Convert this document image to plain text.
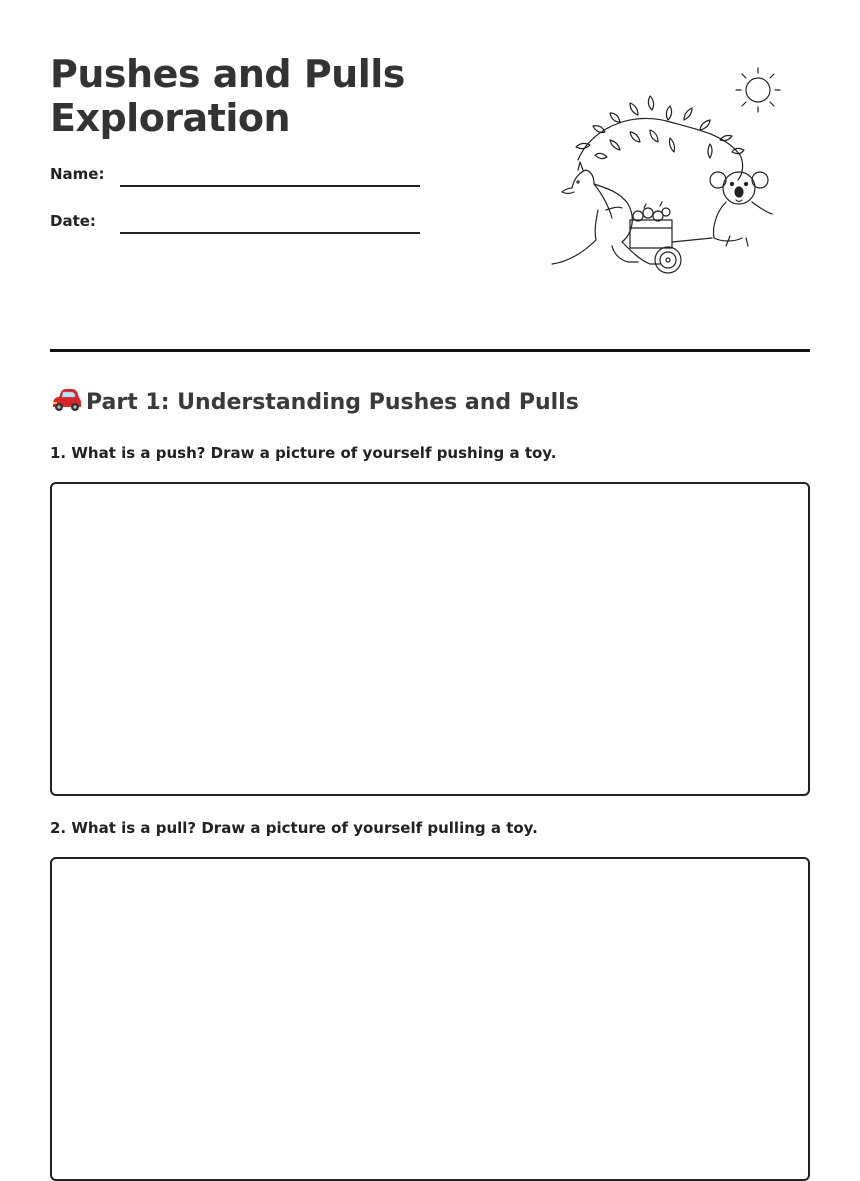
Pushes and Pulls
Exploration
Name:
Date:
Part 1: Understanding Pushes and Pulls

1. What is a push? Draw a picture of yourself pushing a toy.

2. What is a pull? Draw a picture of yourself pulling a toy.
